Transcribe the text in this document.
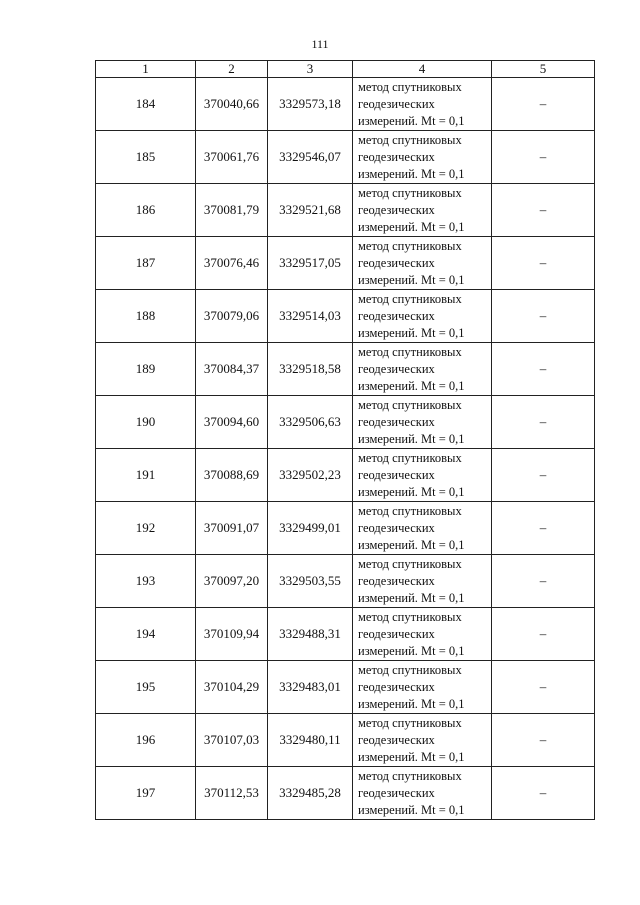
111
1	2	3	4	5
184	370040,66	3329573,18	метод спутниковых
геодезических
измерений. Mt = 0,1	–
185	370061,76	3329546,07	метод спутниковых
геодезических
измерений. Mt = 0,1	–
186	370081,79	3329521,68	метод спутниковых
геодезических
измерений. Mt = 0,1	–
187	370076,46	3329517,05	метод спутниковых
геодезических
измерений. Mt = 0,1	–
188	370079,06	3329514,03	метод спутниковых
геодезических
измерений. Mt = 0,1	–
189	370084,37	3329518,58	метод спутниковых
геодезических
измерений. Mt = 0,1	–
190	370094,60	3329506,63	метод спутниковых
геодезических
измерений. Mt = 0,1	–
191	370088,69	3329502,23	метод спутниковых
геодезических
измерений. Mt = 0,1	–
192	370091,07	3329499,01	метод спутниковых
геодезических
измерений. Mt = 0,1	–
193	370097,20	3329503,55	метод спутниковых
геодезических
измерений. Mt = 0,1	–
194	370109,94	3329488,31	метод спутниковых
геодезических
измерений. Mt = 0,1	–
195	370104,29	3329483,01	метод спутниковых
геодезических
измерений. Mt = 0,1	–
196	370107,03	3329480,11	метод спутниковых
геодезических
измерений. Mt = 0,1	–
197	370112,53	3329485,28	метод спутниковых
геодезических
измерений. Mt = 0,1	–
